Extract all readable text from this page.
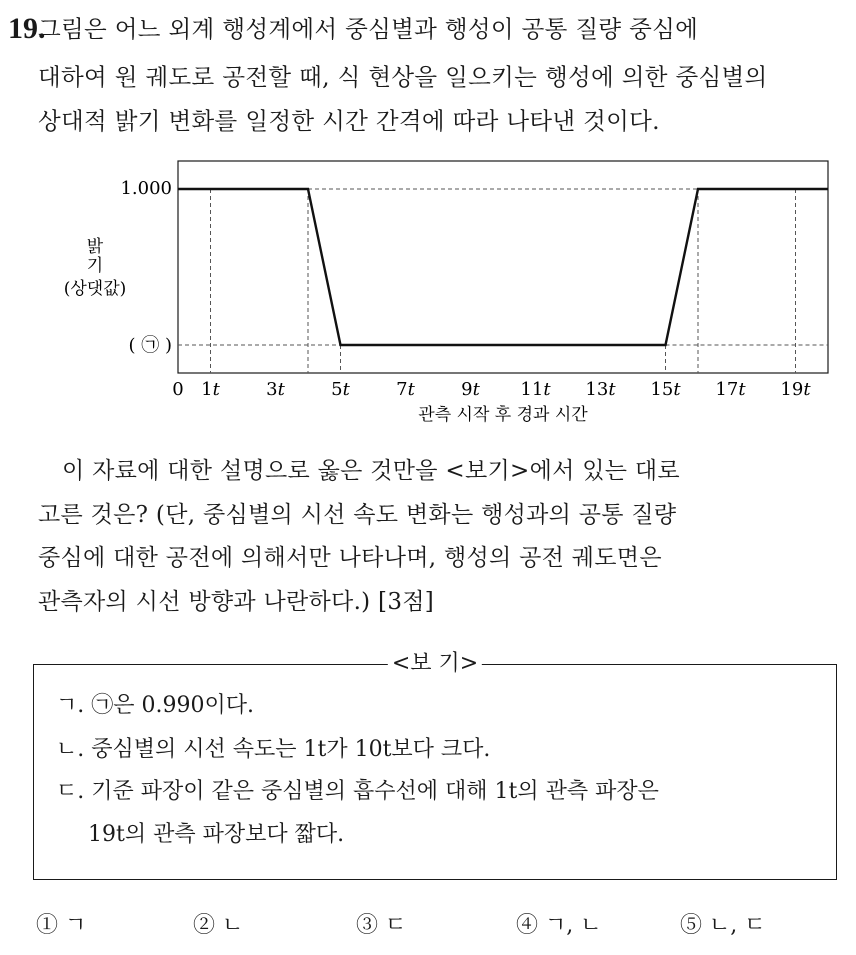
19.
그림은 어느 외계 행성계에서 중심별과 행성이 공통 질량 중심에
대하여 원 궤도로 공전할 때, 식 현상을 일으키는 행성에 의한 중심별의
상대적 밝기 변화를 일정한 시간 간격에 따라 나타낸 것이다.
밝
기
(상댓값)
1.000
( ㉠ )
0 1t	3t	5t	7t	9t 11t 13t 15t 17t 19t
관측 시작 후 경과 시간
이 자료에 대한 설명으로 옳은 것만을 <보기>에서 있는 대로
고른 것은? (단, 중심별의 시선 속도 변화는 행성과의 공통 질량
중심에 대한 공전에 의해서만 나타나며, 행성의 공전 궤도면은
관측자의 시선 방향과 나란하다.) [3점]
<보 기>
ㄱ. ㉠은 0.990이다.
ㄴ. 중심별의 시선 속도는 1t가 10t보다 크다.
ㄷ. 기준 파장이 같은 중심별의 흡수선에 대해 1t의 관측 파장은
19t의 관측 파장보다 짧다.
① ㄱ	② ㄴ	③ ㄷ	④ ㄱ, ㄴ	⑤ ㄴ, ㄷ
